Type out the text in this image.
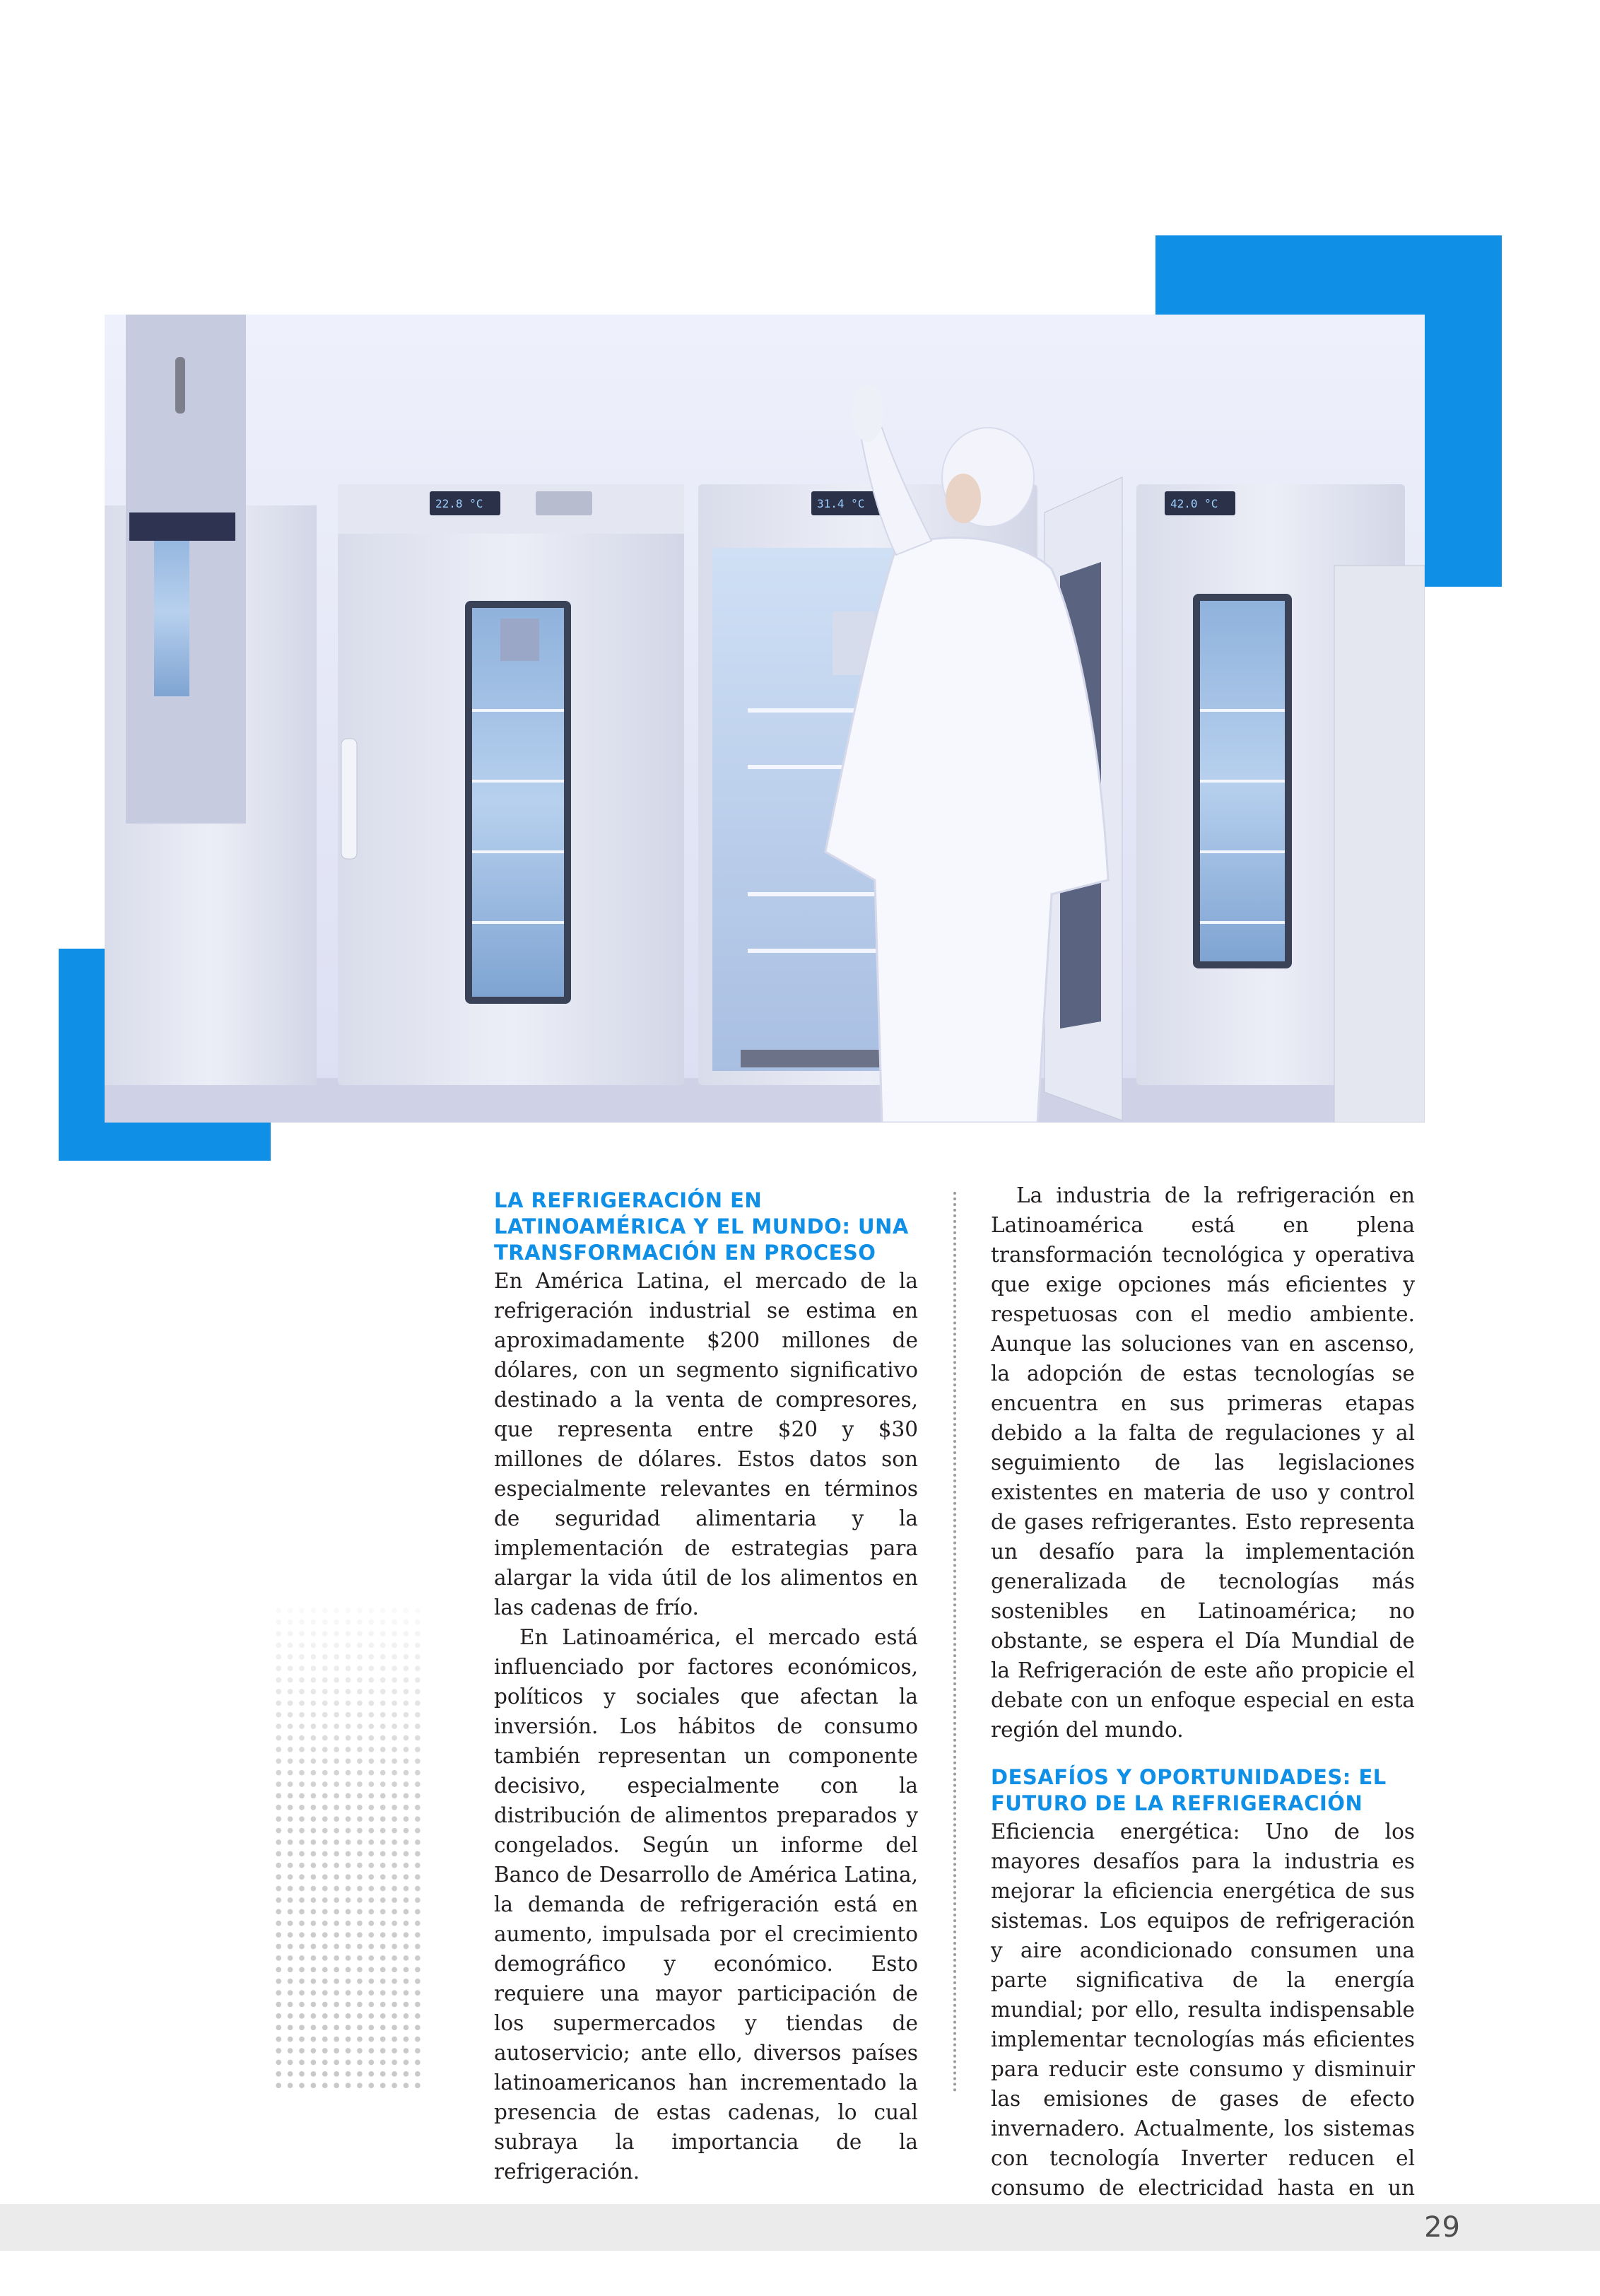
22.8 °C	31.4 °C	42.0 °C
LA REFRIGERACIÓN EN LATINOAMÉRICA Y EL MUNDO: UNA TRANSFORMACIÓN EN PROCESO

En América Latina, el mercado de la refrigeración industrial se estima en aproximadamente $200 millones de dólares, con un segmento significativo destinado a la venta de compresores, que representa entre $20 y $30 millones de dólares. Estos datos son especialmente relevantes en términos de seguridad alimentaria y la implementación de estrategias para alargar la vida útil de los alimentos en las cadenas de frío.

En Latinoamérica, el mercado está influenciado por factores económicos, políticos y sociales que afectan la inversión. Los hábitos de consumo también representan un componente decisivo, especialmente con la distribución de alimentos preparados y congelados. Según un informe del Banco de Desarrollo de América Latina, la demanda de refrigeración está en aumento, impulsada por el crecimiento demográfico y económico. Esto requiere una mayor participación de los supermercados y tiendas de autoservicio; ante ello, diversos países latinoamericanos han incrementado la presencia de estas cadenas, lo cual subraya la importancia de la refrigeración.

La industria de la refrigeración en Latinoamérica está en plena transformación tecnológica y operativa que exige opciones más eficientes y respetuosas con el medio ambiente. Aunque las soluciones van en ascenso, la adopción de estas tecnologías se encuentra en sus primeras etapas debido a la falta de regulaciones y al seguimiento de las legislaciones existentes en materia de uso y control de gases refrigerantes. Esto representa un desafío para la implementación generalizada de tecnologías más sostenibles en Latinoamérica; no obstante, se espera el Día Mundial de la Refrigeración de este año propicie el debate con un enfoque especial en esta región del mundo.

DESAFÍOS Y OPORTUNIDADES: EL FUTURO DE LA REFRIGERACIÓN

Eficiencia energética: Uno de los mayores desafíos para la industria es mejorar la eficiencia energética de sus sistemas. Los equipos de refrigeración y aire acondicionado consumen una parte significativa de la energía mundial; por ello, resulta indispensable implementar tecnologías más eficientes para reducir este consumo y disminuir las emisiones de gases de efecto invernadero. Actualmente, los sistemas con tecnología Inverter reducen el consumo de electricidad hasta en un

29
